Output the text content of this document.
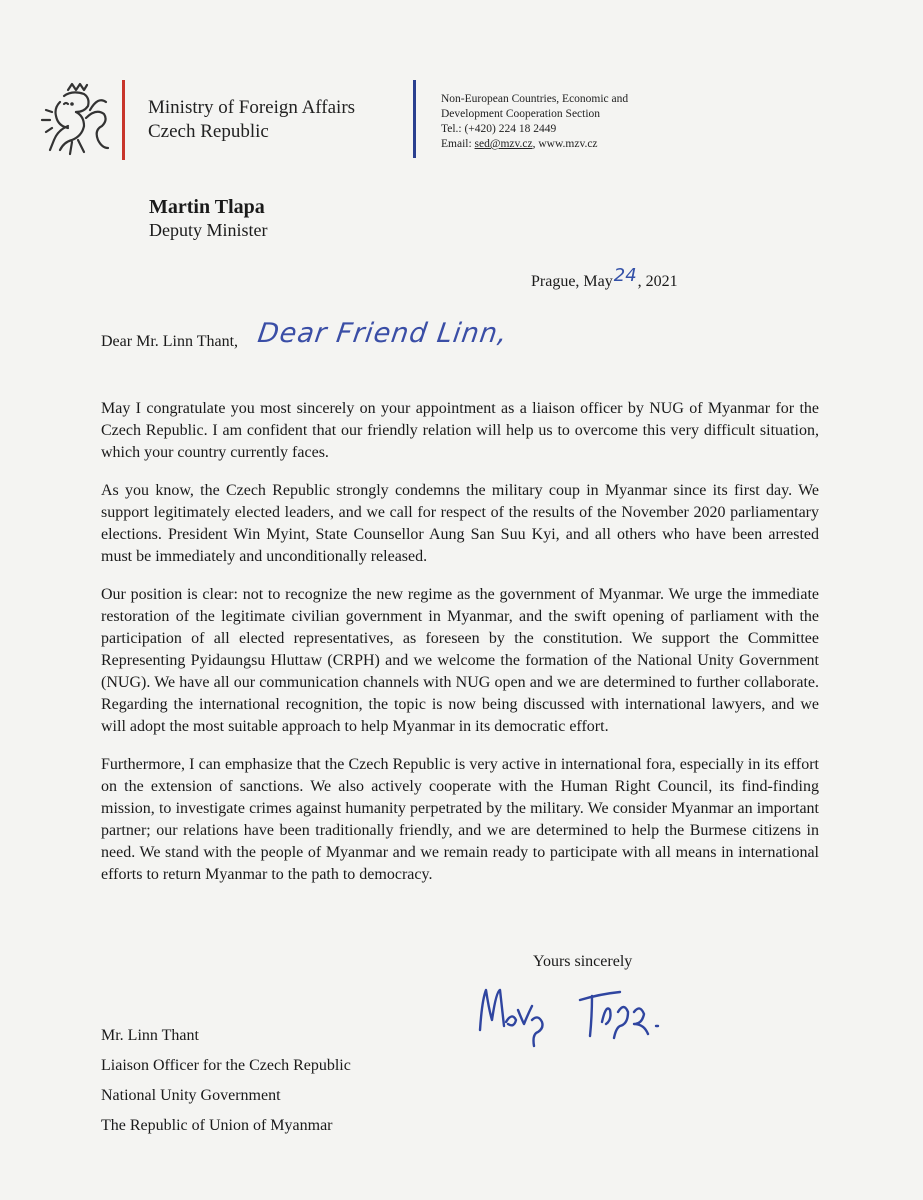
Ministry of Foreign Affairs
Czech Republic
Non-European Countries, Economic and
Development Cooperation Section
Tel.: (+420) 224 18 2449
Email: sed@mzv.cz, www.mzv.cz
Martin Tlapa
Deputy Minister
Prague, May24, 2021
Dear Mr. Linn Thant, Dear Friend Linn,

May I congratulate you most sincerely on your appointment as a liaison officer by NUG of Myanmar for the Czech Republic. I am confident that our friendly relation will help us to overcome this very difficult situation, which your country currently faces.

As you know, the Czech Republic strongly condemns the military coup in Myanmar since its first day. We support legitimately elected leaders, and we call for respect of the results of the November 2020 parliamentary elections. President Win Myint, State Counsellor Aung San Suu Kyi, and all others who have been arrested must be immediately and unconditionally released.

Our position is clear: not to recognize the new regime as the government of Myanmar. We urge the immediate restoration of the legitimate civilian government in Myanmar, and the swift opening of parliament with the participation of all elected representatives, as foreseen by the constitution. We support the Committee Representing Pyidaungsu Hluttaw (CRPH) and we welcome the formation of the National Unity Government (NUG). We have all our communication channels with NUG open and we are determined to further collaborate. Regarding the international recognition, the topic is now being discussed with international lawyers, and we will adopt the most suitable approach to help Myanmar in its democratic effort.

Furthermore, I can emphasize that the Czech Republic is very active in international fora, especially in its effort on the extension of sanctions. We also actively cooperate with the Human Right Council, its find-finding mission, to investigate crimes against humanity perpetrated by the military. We consider Myanmar an important partner; our relations have been traditionally friendly, and we are determined to help the Burmese citizens in need. We stand with the people of Myanmar and we remain ready to participate with all means in international efforts to return Myanmar to the path to democracy.

Yours sincerely
Mr. Linn Thant
Liaison Officer for the Czech Republic
National Unity Government
The Republic of Union of Myanmar
